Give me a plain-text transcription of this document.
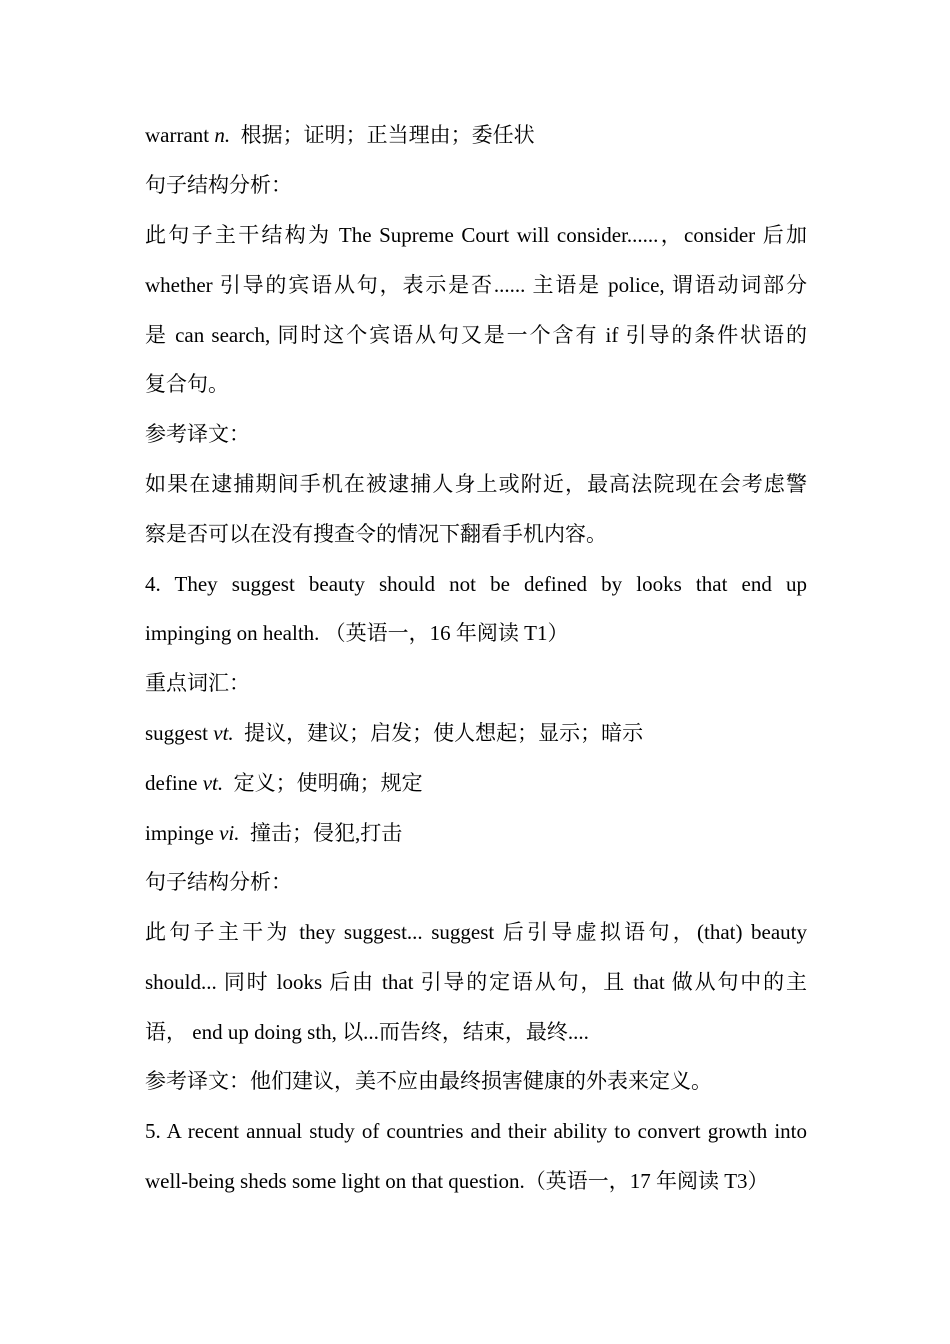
warrant n. 根据；证明；正当理由；委任状

句子结构分析：

此句子主干结构为 The Supreme Court will consider......，consider 后加

whether 引导的宾语从句，表示是否...... 主语是 police, 谓语动词部分

是 can search, 同时这个宾语从句又是一个含有 if 引导的条件状语的

复合句。

参考译文：

如果在逮捕期间手机在被逮捕人身上或附近，最高法院现在会考虑警

察是否可以在没有搜查令的情况下翻看手机内容。

4. They suggest beauty should not be defined by looks that end up

impinging on health. （英语一，16 年阅读 T1）

重点词汇：

suggest vt. 提议，建议；启发；使人想起；显示；暗示

define vt. 定义；使明确；规定

impinge vi. 撞击；侵犯,打击

句子结构分析：

此句子主干为 they suggest... suggest 后引导虚拟语句，(that) beauty

should... 同时 looks 后由 that 引导的定语从句，且 that 做从句中的主

语， end up doing sth, 以...而告终，结束，最终....

参考译文：他们建议，美不应由最终损害健康的外表来定义。

5. A recent annual study of countries and their ability to convert growth into

well-being sheds some light on that question.（英语一，17 年阅读 T3）
